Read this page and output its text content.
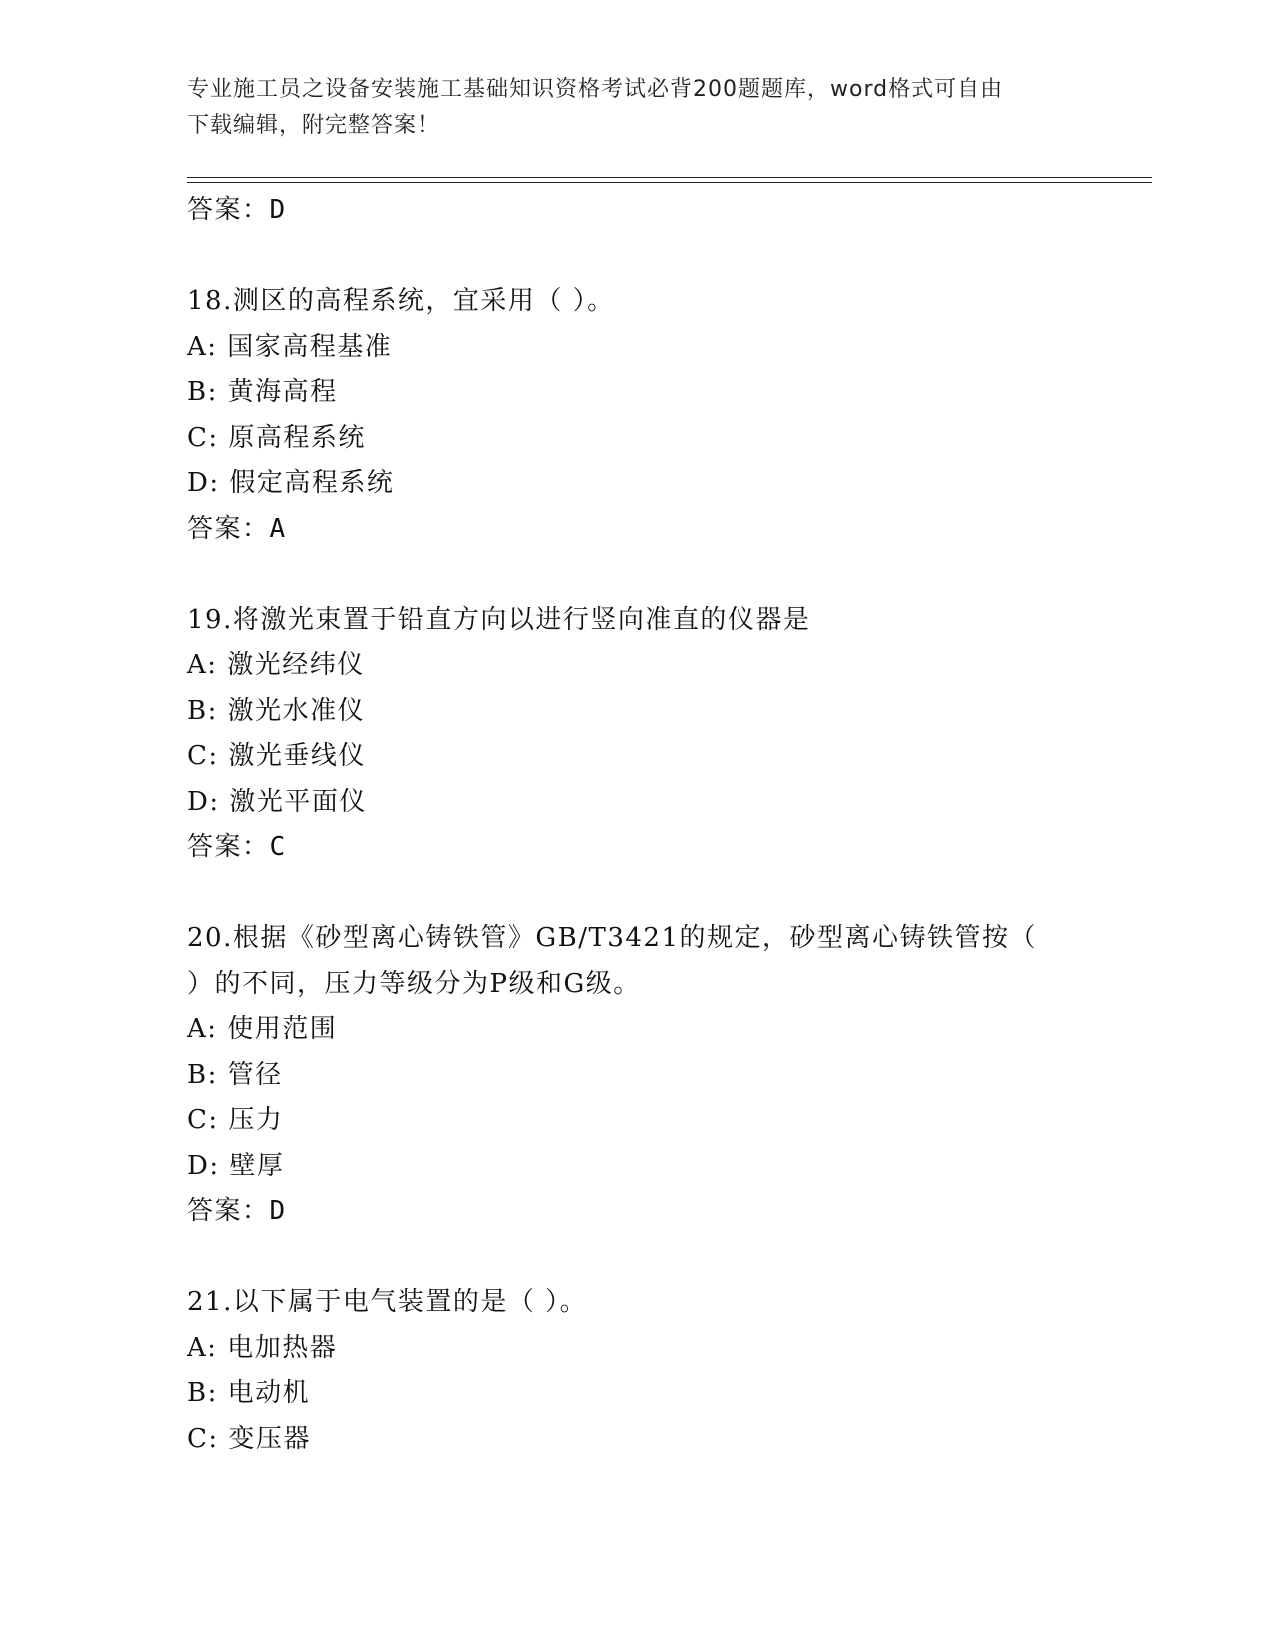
专业施工员之设备安装施工基础知识资格考试必背200题题库，word格式可自由
下载编辑，附完整答案！
答案：D
18.测区的高程系统，宜采用（ ）。
A: 国家高程基准
B: 黄海高程
C: 原高程系统
D: 假定高程系统
答案：A
19.将激光束置于铅直方向以进行竖向准直的仪器是
A: 激光经纬仪
B: 激光水准仪
C: 激光垂线仪
D: 激光平面仪
答案：C
20.根据《砂型离心铸铁管》GB/T3421的规定，砂型离心铸铁管按（
）的不同，压力等级分为P级和G级。
A: 使用范围
B: 管径
C: 压力
D: 壁厚
答案：D
21.以下属于电气装置的是（ ）。
A: 电加热器
B: 电动机
C: 变压器
